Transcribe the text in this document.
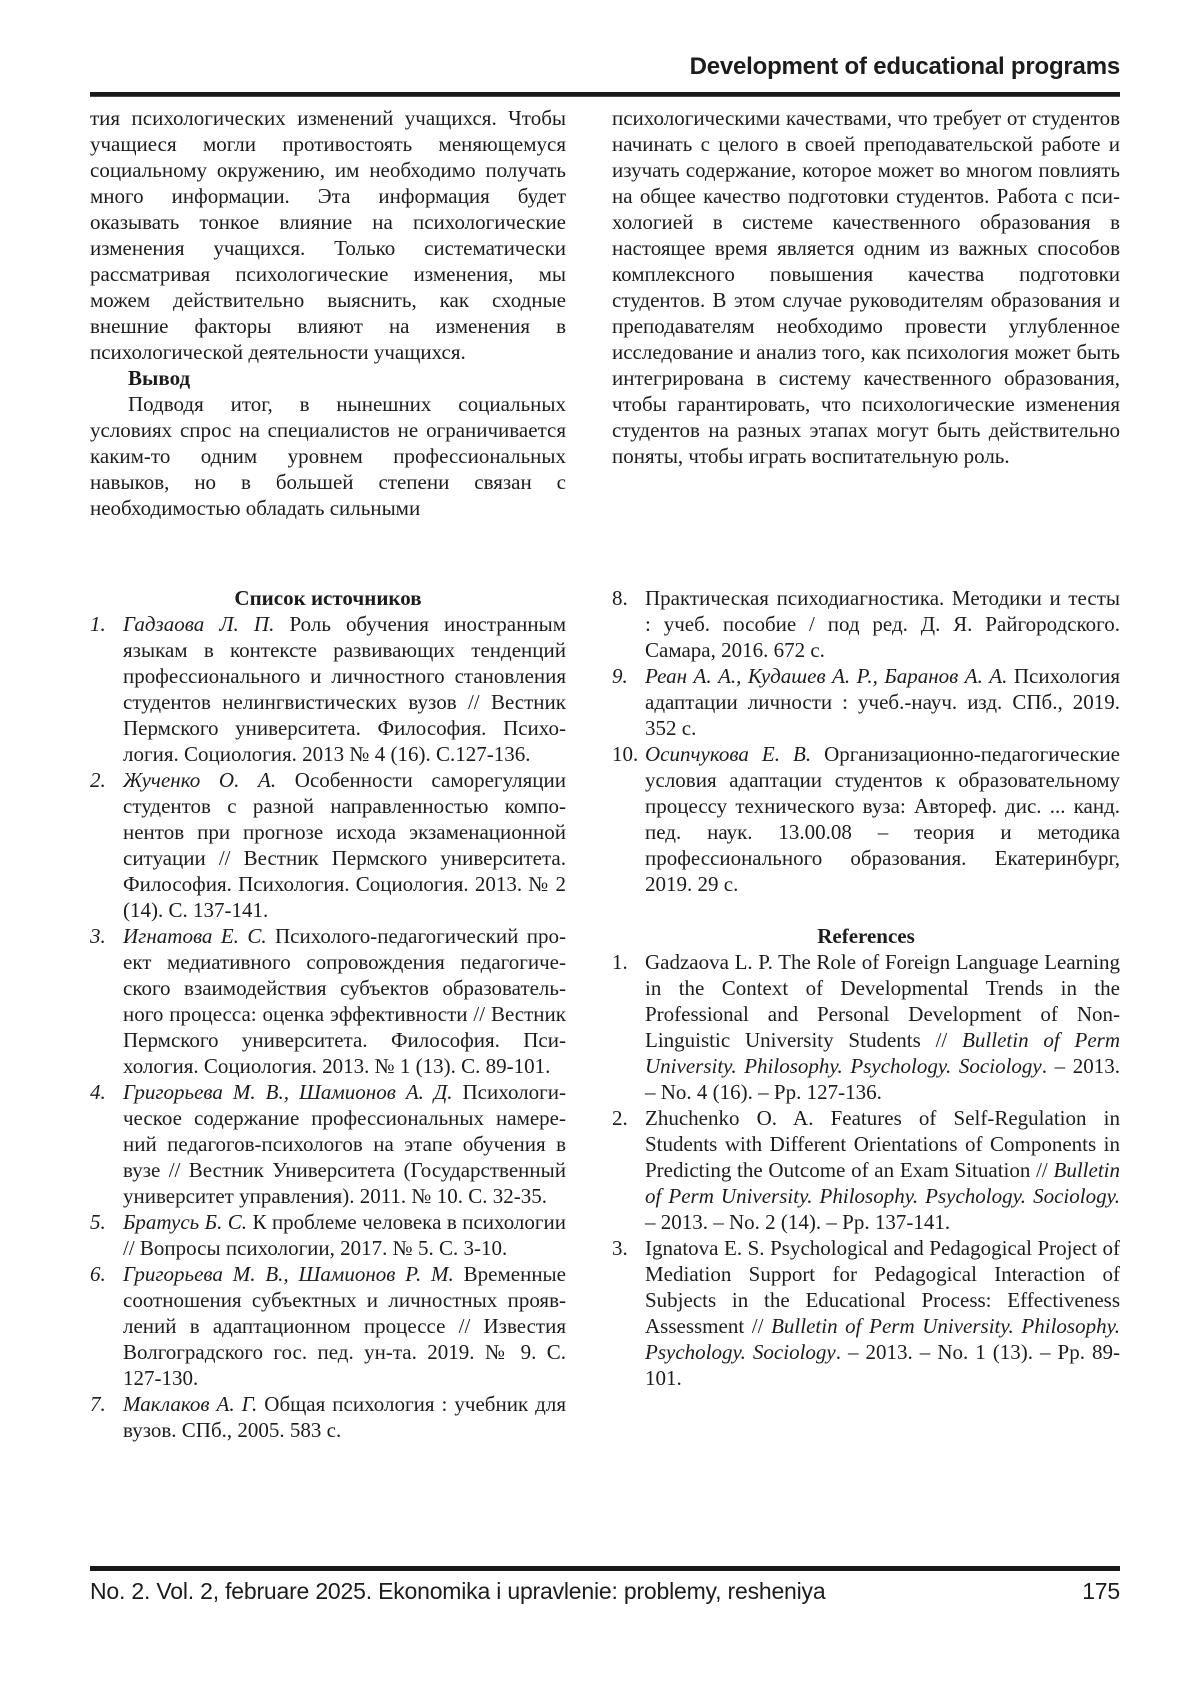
Development of educational programs

тия психологических изменений учащихся. Чтобы учащиеся могли противостоять меняющемуся социальному окружению, им необходимо получать много информации. Эта информация будет оказывать тонкое влияние на психологические изменения учащихся. Только систематически рассматривая психологические изменения, мы можем действительно выяснить, как сходные внешние факторы влияют на изменения в психологической деятельности учащихся.

Вывод

Подводя итог, в нынешних социальных условиях спрос на специалистов не ограничивается каким-то одним уровнем профессиональных навыков, но в большей степени связан с необходимостью обладать сильными

Список источников

1. Гадзаова Л. П. Роль обучения иностранным языкам в контексте развивающих тенденций профессионального и личностного становления студентов нелингвистических вузов // Вестник Пермского университета. Философия. Психология. Социология. 2013 № 4 (16). С.127-136.
2. Жученко О. А. Особенности саморегуляции студентов с разной направленностью компонентов при прогнозе исхода экзаменационной ситуации // Вестник Пермского университета. Философия. Психология. Социология. 2013. № 2 (14). С. 137-141.
3. Игнатова Е. С. Психолого-педагогический проект медиативного сопровождения педагогического взаимодействия субъектов образовательного процесса: оценка эффективности // Вестник Пермского университета. Философия. Психология. Социология. 2013. № 1 (13). С. 89-101.
4. Григорьева М. В., Шамионов А. Д. Психологическое содержание профессиональных намерений педагогов-психологов на этапе обучения в вузе // Вестник Университета (Государственный университет управления). 2011. № 10. С. 32-35.
5. Братусь Б. С. К проблеме человека в психологии // Вопросы психологии, 2017. № 5. С. 3-10.
6. Григорьева М. В., Шамионов Р. М. Временные соотношения субъектных и личностных проявлений в адаптационном процессе // Известия Волгоградского гос. пед. ун-та. 2019. № 9. С. 127-130.
7. Маклаков А. Г. Общая психология : учебник для вузов. СПб., 2005. 583 с.

психологическими качествами, что требует от студентов начинать с целого в своей преподавательской работе и изучать содержание, которое может во многом повлиять на общее качество подготовки студентов. Работа с психологией в системе качественного образования в настоящее время является одним из важных способов комплексного повышения качества подготовки студентов. В этом случае руководителям образования и преподавателям необходимо провести углубленное исследование и анализ того, как психология может быть интегрирована в систему качественного образования, чтобы гарантировать, что психологические изменения студентов на разных этапах могут быть действительно поняты, чтобы играть воспитательную роль.

8. Практическая психодиагностика. Методики и тесты : учеб. пособие / под ред. Д. Я. Райгородского. Самара, 2016. 672 с.
9. Реан А. А., Кудашев А. Р., Баранов А. А. Психология адаптации личности : учеб.-науч. изд. СПб., 2019. 352 с.
10. Осипчукова Е. В. Организационно-педагогические условия адаптации студентов к образовательному процессу технического вуза: Автореф. дис. ... канд. пед. наук. 13.00.08 – теория и методика профессионального образования. Екатеринбург, 2019. 29 с.

References

1. Gadzaova L. P. The Role of Foreign Language Learning in the Context of Developmental Trends in the Professional and Personal Development of Non-Linguistic University Students // Bulletin of Perm University. Philosophy. Psychology. Sociology. – 2013. – No. 4 (16). – Pp. 127-136.
2. Zhuchenko O. A. Features of Self-Regulation in Students with Different Orientations of Components in Predicting the Outcome of an Exam Situation // Bulletin of Perm University. Philosophy. Psychology. Sociology. – 2013. – No. 2 (14). – Pp. 137-141.
3. Ignatova E. S. Psychological and Pedagogical Project of Mediation Support for Pedagogical Interaction of Subjects in the Educational Process: Effectiveness Assessment // Bulletin of Perm University. Philosophy. Psychology. Sociology. – 2013. – No. 1 (13). – Pp. 89-101.
No. 2. Vol. 2, februare 2025. Ekonomika i upravlenie: problemy, resheniya	175
